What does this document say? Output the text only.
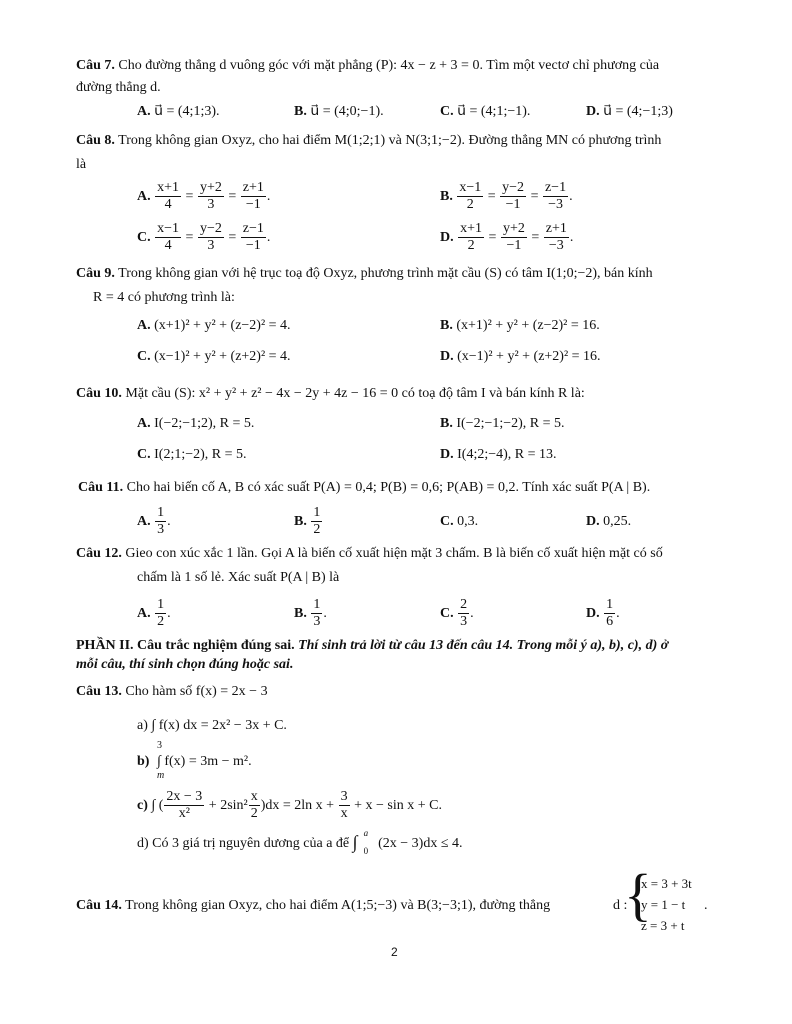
Câu 7. Cho đường thẳng d vuông góc với mặt phẳng (P): 4x − z + 3 = 0. Tìm một vectơ chỉ phương của
đường thẳng d.
A. u⃗ = (4;1;3).	B. u⃗ = (4;0;−1).	C. u⃗ = (4;1;−1).	D. u⃗ = (4;−1;3)
Câu 8. Trong không gian Oxyz, cho hai điểm M(1;2;1) và N(3;1;−2). Đường thẳng MN có phương trình
là
A. $\frac{x+1}{4} = \frac{y+2}{3} = \frac{z+1}{-1}$ .	B. $\frac{x-1}{2} = \frac{y-2}{-1} = \frac{z-1}{-3}$ .
C. $\frac{x-1}{4} = \frac{y-2}{3} = \frac{z-1}{-1}$ .	D. $\frac{x+1}{2} = \frac{y+2}{-1} = \frac{z+1}{-3}$ .
Câu 9. Trong không gian với hệ trục toạ độ Oxyz, phương trình mặt cầu (S) có tâm I(1;0;−2), bán kính
R = 4 có phương trình là:
A. (x+1)² + y² + (z−2)² = 4.	B. (x+1)² + y² + (z−2)² = 16.
C. (x−1)² + y² + (z+2)² = 4.	D. (x−1)² + y² + (z+2)² = 16.
Câu 10. Mặt cầu (S): x² + y² + z² − 4x − 2y + 4z − 16 = 0 có toạ độ tâm I và bán kính R là:
A. I(−2;−1;2), R = 5.	B. I(−2;−1;−2), R = 5.
C. I(2;1;−2), R = 5.	D. I(4;2;−4), R = 13.
Câu 11. Cho hai biến cố A, B có xác suất P(A) = 0,4; P(B) = 0,6; P(AB) = 0,2. Tính xác suất P(A | B).
A. $\frac{1}{3}$ .	B. $\frac{1}{2}$	C. 0,3.	D. 0,25.
Câu 12. Gieo con xúc xắc 1 lần. Gọi A là biến cố xuất hiện mặt 3 chấm. B là biến cố xuất hiện mặt có số
chấm là 1 số lẻ. Xác suất P(A | B) là
A. $\frac{1}{2}$ .	B. $\frac{1}{3}$ .	C. $\frac{2}{3}$ .	D. $\frac{1}{6}$ .
PHẦN II. Câu trắc nghiệm đúng sai. Thí sinh trả lời từ câu 13 đến câu 14. Trong mỗi ý a), b), c), d) ở
mỗi câu, thí sinh chọn đúng hoặc sai.
Câu 13. Cho hàm số f(x) = 2x − 3
a) ∫ f(x) dx = 2x² − 3x + C.
3
b) ∫ f(x) = 3m − m².
m
c) ∫ ( $\frac{2x - 3}{\text{x²}} + 2\sin^2 \frac{x}{2} )dx = 2\ln$ $x + \frac{3}{x} + x - \sin x + C$.
d) Có 3 giá trị nguyên dương của a để ∫ a
0 (2x − 3)dx ≤ 4.
Câu 14. Trong không gian Oxyz, cho hai điểm A(1;5;−3) và B(3;−3;1), đường thẳng	d :
{
x = 3 + 3t
y = 1 − t
z = 3 + t
.
2
